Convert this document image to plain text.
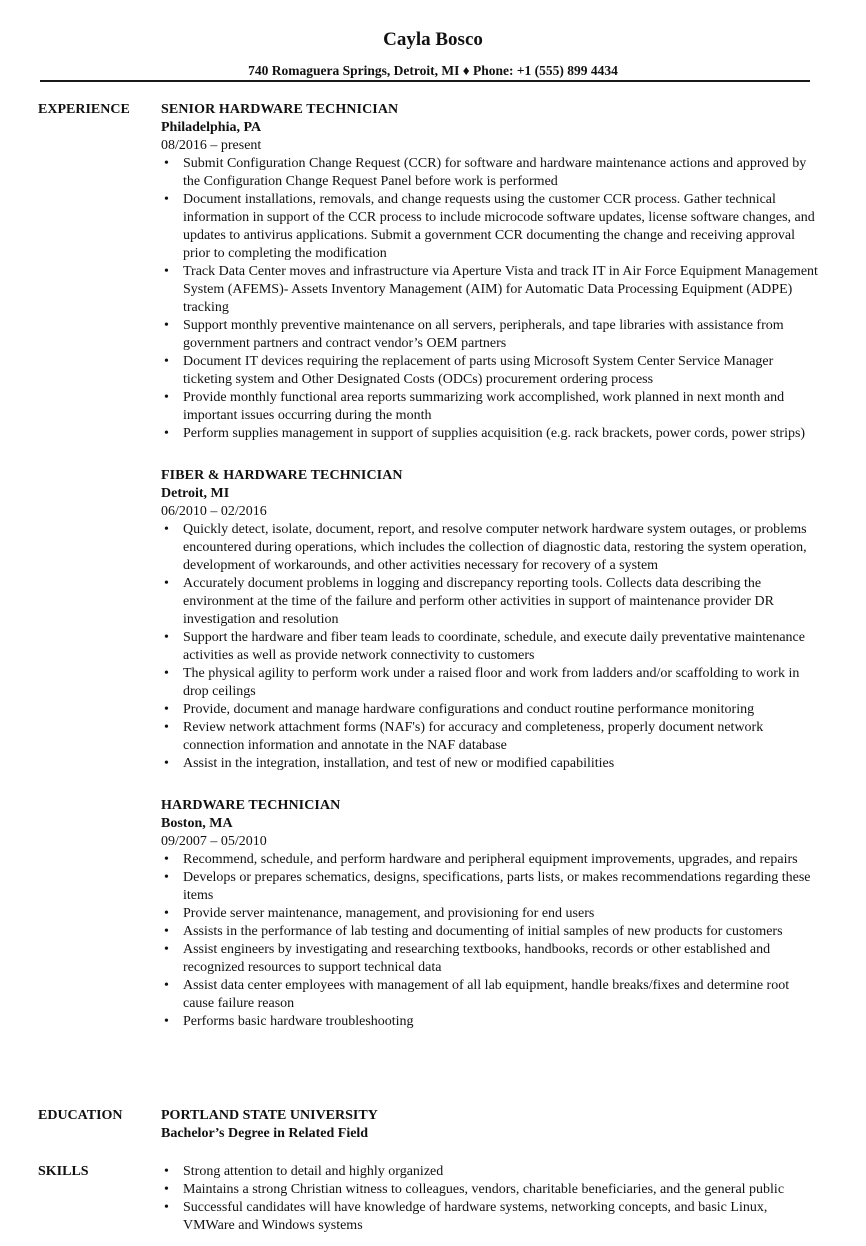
Cayla Bosco
740 Romaguera Springs, Detroit, MI ♦ Phone: +1 (555) 899 4434
EXPERIENCE SENIOR HARDWARE TECHNICIAN
Philadelphia, PA
08/2016 – present
•	Submit Configuration Change Request (CCR) for software and hardware maintenance actions and approved by the Configuration Change Request Panel before work is performed
•	Document installations, removals, and change requests using the customer CCR process. Gather technical information in support of the CCR process to include microcode software updates, license software changes, and updates to antivirus applications. Submit a government CCR documenting the change and receiving approval prior to completing the modification
•	Track Data Center moves and infrastructure via Aperture Vista and track IT in Air Force Equipment Management System (AFEMS)- Assets Inventory Management (AIM) for Automatic Data Processing Equipment (ADPE) tracking
•	Support monthly preventive maintenance on all servers, peripherals, and tape libraries with assistance from government partners and contract vendor’s OEM partners
•	Document IT devices requiring the replacement of parts using Microsoft System Center Service Manager ticketing system and Other Designated Costs (ODCs) procurement ordering process
•	Provide monthly functional area reports summarizing work accomplished, work planned in next month and important issues occurring during the month
•	Perform supplies management in support of supplies acquisition (e.g. rack brackets, power cords, power strips)
FIBER & HARDWARE TECHNICIAN
Detroit, MI
06/2010 – 02/2016
•	Quickly detect, isolate, document, report, and resolve computer network hardware system outages, or problems encountered during operations, which includes the collection of diagnostic data, restoring the system operation, development of workarounds, and other activities necessary for recovery of a system
•	Accurately document problems in logging and discrepancy reporting tools. Collects data describing the environment at the time of the failure and perform other activities in support of maintenance provider DR investigation and resolution
•	Support the hardware and fiber team leads to coordinate, schedule, and execute daily preventative maintenance activities as well as provide network connectivity to customers
•	The physical agility to perform work under a raised floor and work from ladders and/or scaffolding to work in drop ceilings
•	Provide, document and manage hardware configurations and conduct routine performance monitoring
•	Review network attachment forms (NAF's) for accuracy and completeness, properly document network connection information and annotate in the NAF database
•	Assist in the integration, installation, and test of new or modified capabilities
HARDWARE TECHNICIAN
Boston, MA
09/2007 – 05/2010
•	Recommend, schedule, and perform hardware and peripheral equipment improvements, upgrades, and repairs
•	Develops or prepares schematics, designs, specifications, parts lists, or makes recommendations regarding these items
•	Provide server maintenance, management, and provisioning for end users
•	Assists in the performance of lab testing and documenting of initial samples of new products for customers
•	Assist engineers by investigating and researching textbooks, handbooks, records or other established and recognized resources to support technical data
•	Assist data center employees with management of all lab equipment, handle breaks/fixes and determine root cause failure reason
•	Performs basic hardware troubleshooting
EDUCATION	PORTLAND STATE UNIVERSITY
Bachelor’s Degree in Related Field
SKILLS	•	Strong attention to detail and highly organized
•	Maintains a strong Christian witness to colleagues, vendors, charitable beneficiaries, and the general public
•	Successful candidates will have knowledge of hardware systems, networking concepts, and basic Linux, VMWare and Windows systems
